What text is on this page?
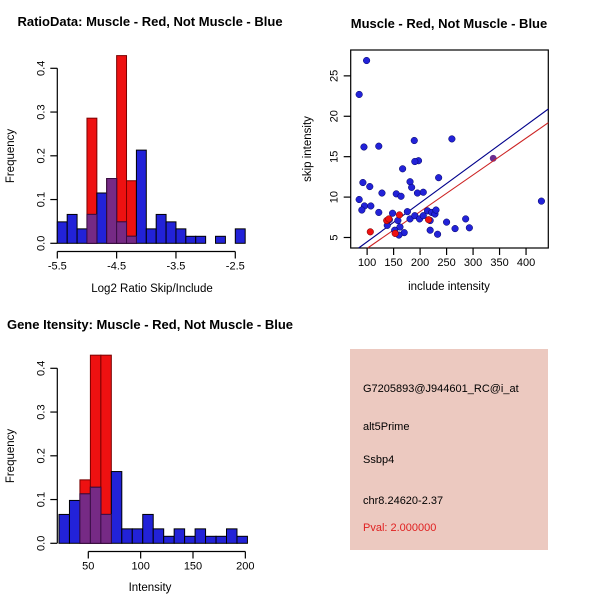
RatioData: Muscle - Red, Not Muscle - Blue
Log2 Ratio Skip/Include
Frequency
0.0
0.1
0.2
0.3
0.4
-5.5	-4.5	-3.5	-2.5
Muscle - Red, Not Muscle - Blue
include intensity
skip intensity
100 150 200 250 300 350 400
5
10
15
20
25
Gene Itensity: Muscle - Red, Not Muscle - Blue
Intensity
Frequency
0.0
0.1
0.2
0.3
0.4
50	100	150	200
G7205893@J944601_RC@i_at
alt5Prime
Ssbp4
chr8.24620-2.37
Pval: 2.000000
